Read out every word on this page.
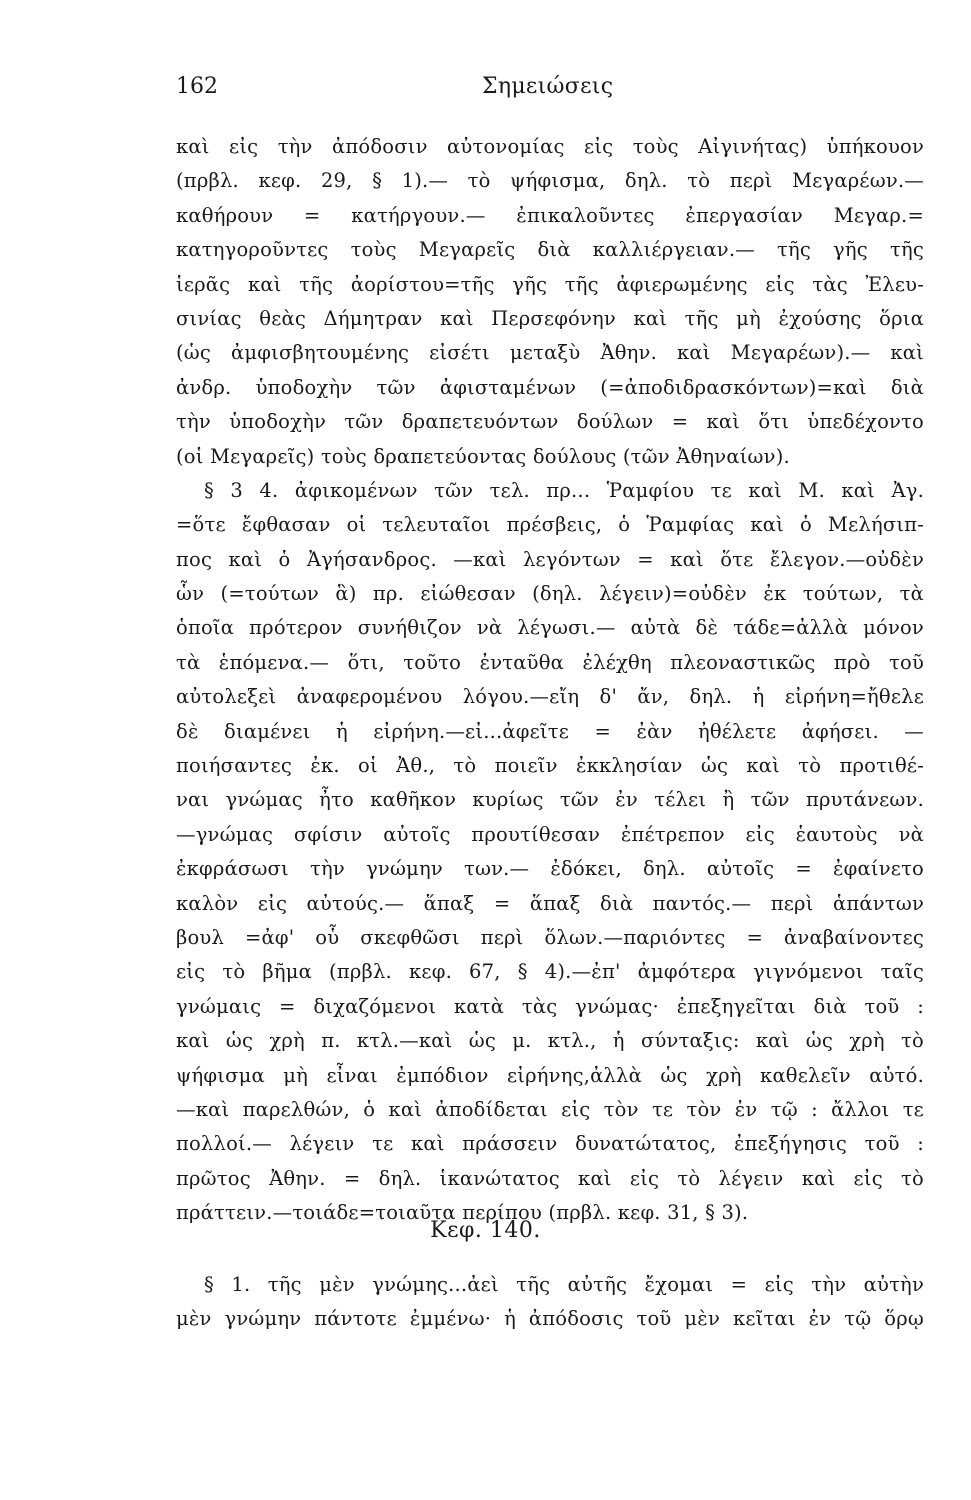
162	Σημειώσεις
καὶ εἰς τὴν ἀπόδοσιν αὐτονομίας εἰς τοὺς Αἰγινήτας) ὑπήκουον
(πρβλ. κεφ. 29, § 1).— τὸ ψήφισμα, δηλ. τὸ περὶ Μεγαρέων.—
καθήρουν = κατήργουν.— ἐπικαλοῦντες ἐπεργασίαν Μεγαρ.=
κατηγοροῦντες τοὺς Μεγαρεῖς διὰ καλλιέργειαν.— τῆς γῆς τῆς
ἱερᾶς καὶ τῆς ἀορίστου=τῆς γῆς τῆς ἀφιερωμένης εἰς τὰς Ἐλευ-
σινίας θεὰς Δήμητραν καὶ Περσεφόνην καὶ τῆς μὴ ἐχούσης ὅρια
(ὡς ἀμφισβητουμένης εἰσέτι μεταξὺ Ἀθην. καὶ Μεγαρέων).— καὶ
ἀνδρ. ὑποδοχὴν τῶν ἀφισταμένων (=ἀποδιδρασκόντων)=καὶ διὰ
τὴν ὑποδοχὴν τῶν δραπετευόντων δούλων = καὶ ὅτι ὑπεδέχοντο
(οἱ Μεγαρεῖς) τοὺς δραπετεύοντας δούλους (τῶν Ἀθηναίων).
§ 3 4. ἀφικομένων τῶν τελ. πρ... Ῥαμφίου τε καὶ Μ. καὶ Ἀγ.
=ὅτε ἔφθασαν οἱ τελευταῖοι πρέσβεις, ὁ Ῥαμφίας καὶ ὁ Μελήσιπ-
πος καὶ ὁ Ἀγήσανδρος. —καὶ λεγόντων = καὶ ὅτε ἔλεγον.—οὐδὲν
ὧν (=τούτων ἃ) πρ. εἰώθεσαν (δηλ. λέγειν)=οὐδὲν ἐκ τούτων, τὰ
ὁποῖα πρότερον συνήθιζον νὰ λέγωσι.— αὐτὰ δὲ τάδε=ἀλλὰ μόνον
τὰ ἑπόμενα.— ὅτι, τοῦτο ἐνταῦθα ἐλέχθη πλεοναστικῶς πρὸ τοῦ
αὐτολεξεὶ ἀναφερομένου λόγου.—εἴη δ' ἄν, δηλ. ἡ εἰρήνη=ἤθελε
δὲ διαμένει ἡ εἰρήνη.—εἰ...ἀφεῖτε = ἐὰν ἠθέλετε ἀφήσει. —
ποιήσαντες ἐκ. οἱ Ἀθ., τὸ ποιεῖν ἐκκλησίαν ὡς καὶ τὸ προτιθέ-
ναι γνώμας ἦτο καθῆκον κυρίως τῶν ἐν τέλει ἢ τῶν πρυτάνεων.
—γνώμας σφίσιν αὐτοῖς προυτίθεσαν ἐπέτρεπον εἰς ἑαυτοὺς νὰ
ἐκφράσωσι τὴν γνώμην των.— ἐδόκει, δηλ. αὐτοῖς = ἐφαίνετο
καλὸν εἰς αὐτούς.— ἅπαξ = ἅπαξ διὰ παντός.— περὶ ἁπάντων
βουλ =ἀφ' οὗ σκεφθῶσι περὶ ὅλων.—παριόντες = ἀναβαίνοντες
εἰς τὸ βῆμα (πρβλ. κεφ. 67, § 4).—ἐπ' ἀμφότερα γιγνόμενοι ταῖς
γνώμαις = διχαζόμενοι κατὰ τὰς γνώμας· ἐπεξηγεῖται διὰ τοῦ :
καὶ ὡς χρὴ π. κτλ.—καὶ ὡς μ. κτλ., ἡ σύνταξις: καὶ ὡς χρὴ τὸ
ψήφισμα μὴ εἶναι ἐμπόδιον εἰρήνης,ἀλλὰ ὡς χρὴ καθελεῖν αὐτό.
—καὶ παρελθών, ὁ καὶ ἀποδίδεται εἰς τὸν τε τὸν ἐν τῷ : ἄλλοι τε
πολλοί.— λέγειν τε καὶ πράσσειν δυνατώτατος, ἐπεξήγησις τοῦ :
πρῶτος Ἀθην. = δηλ. ἱκανώτατος καὶ εἰς τὸ λέγειν καὶ εἰς τὸ
πράττειν.—τοιάδε=τοιαῦτα περίπου (πρβλ. κεφ. 31, § 3).
Κεφ. 140.
§ 1. τῆς μὲν γνώμης...ἀεὶ τῆς αὐτῆς ἔχομαι = εἰς τὴν αὐτὴν
μὲν γνώμην πάντοτε ἐμμένω· ἡ ἀπόδοσις τοῦ μὲν κεῖται ἐν τῷ ὅρῳ
